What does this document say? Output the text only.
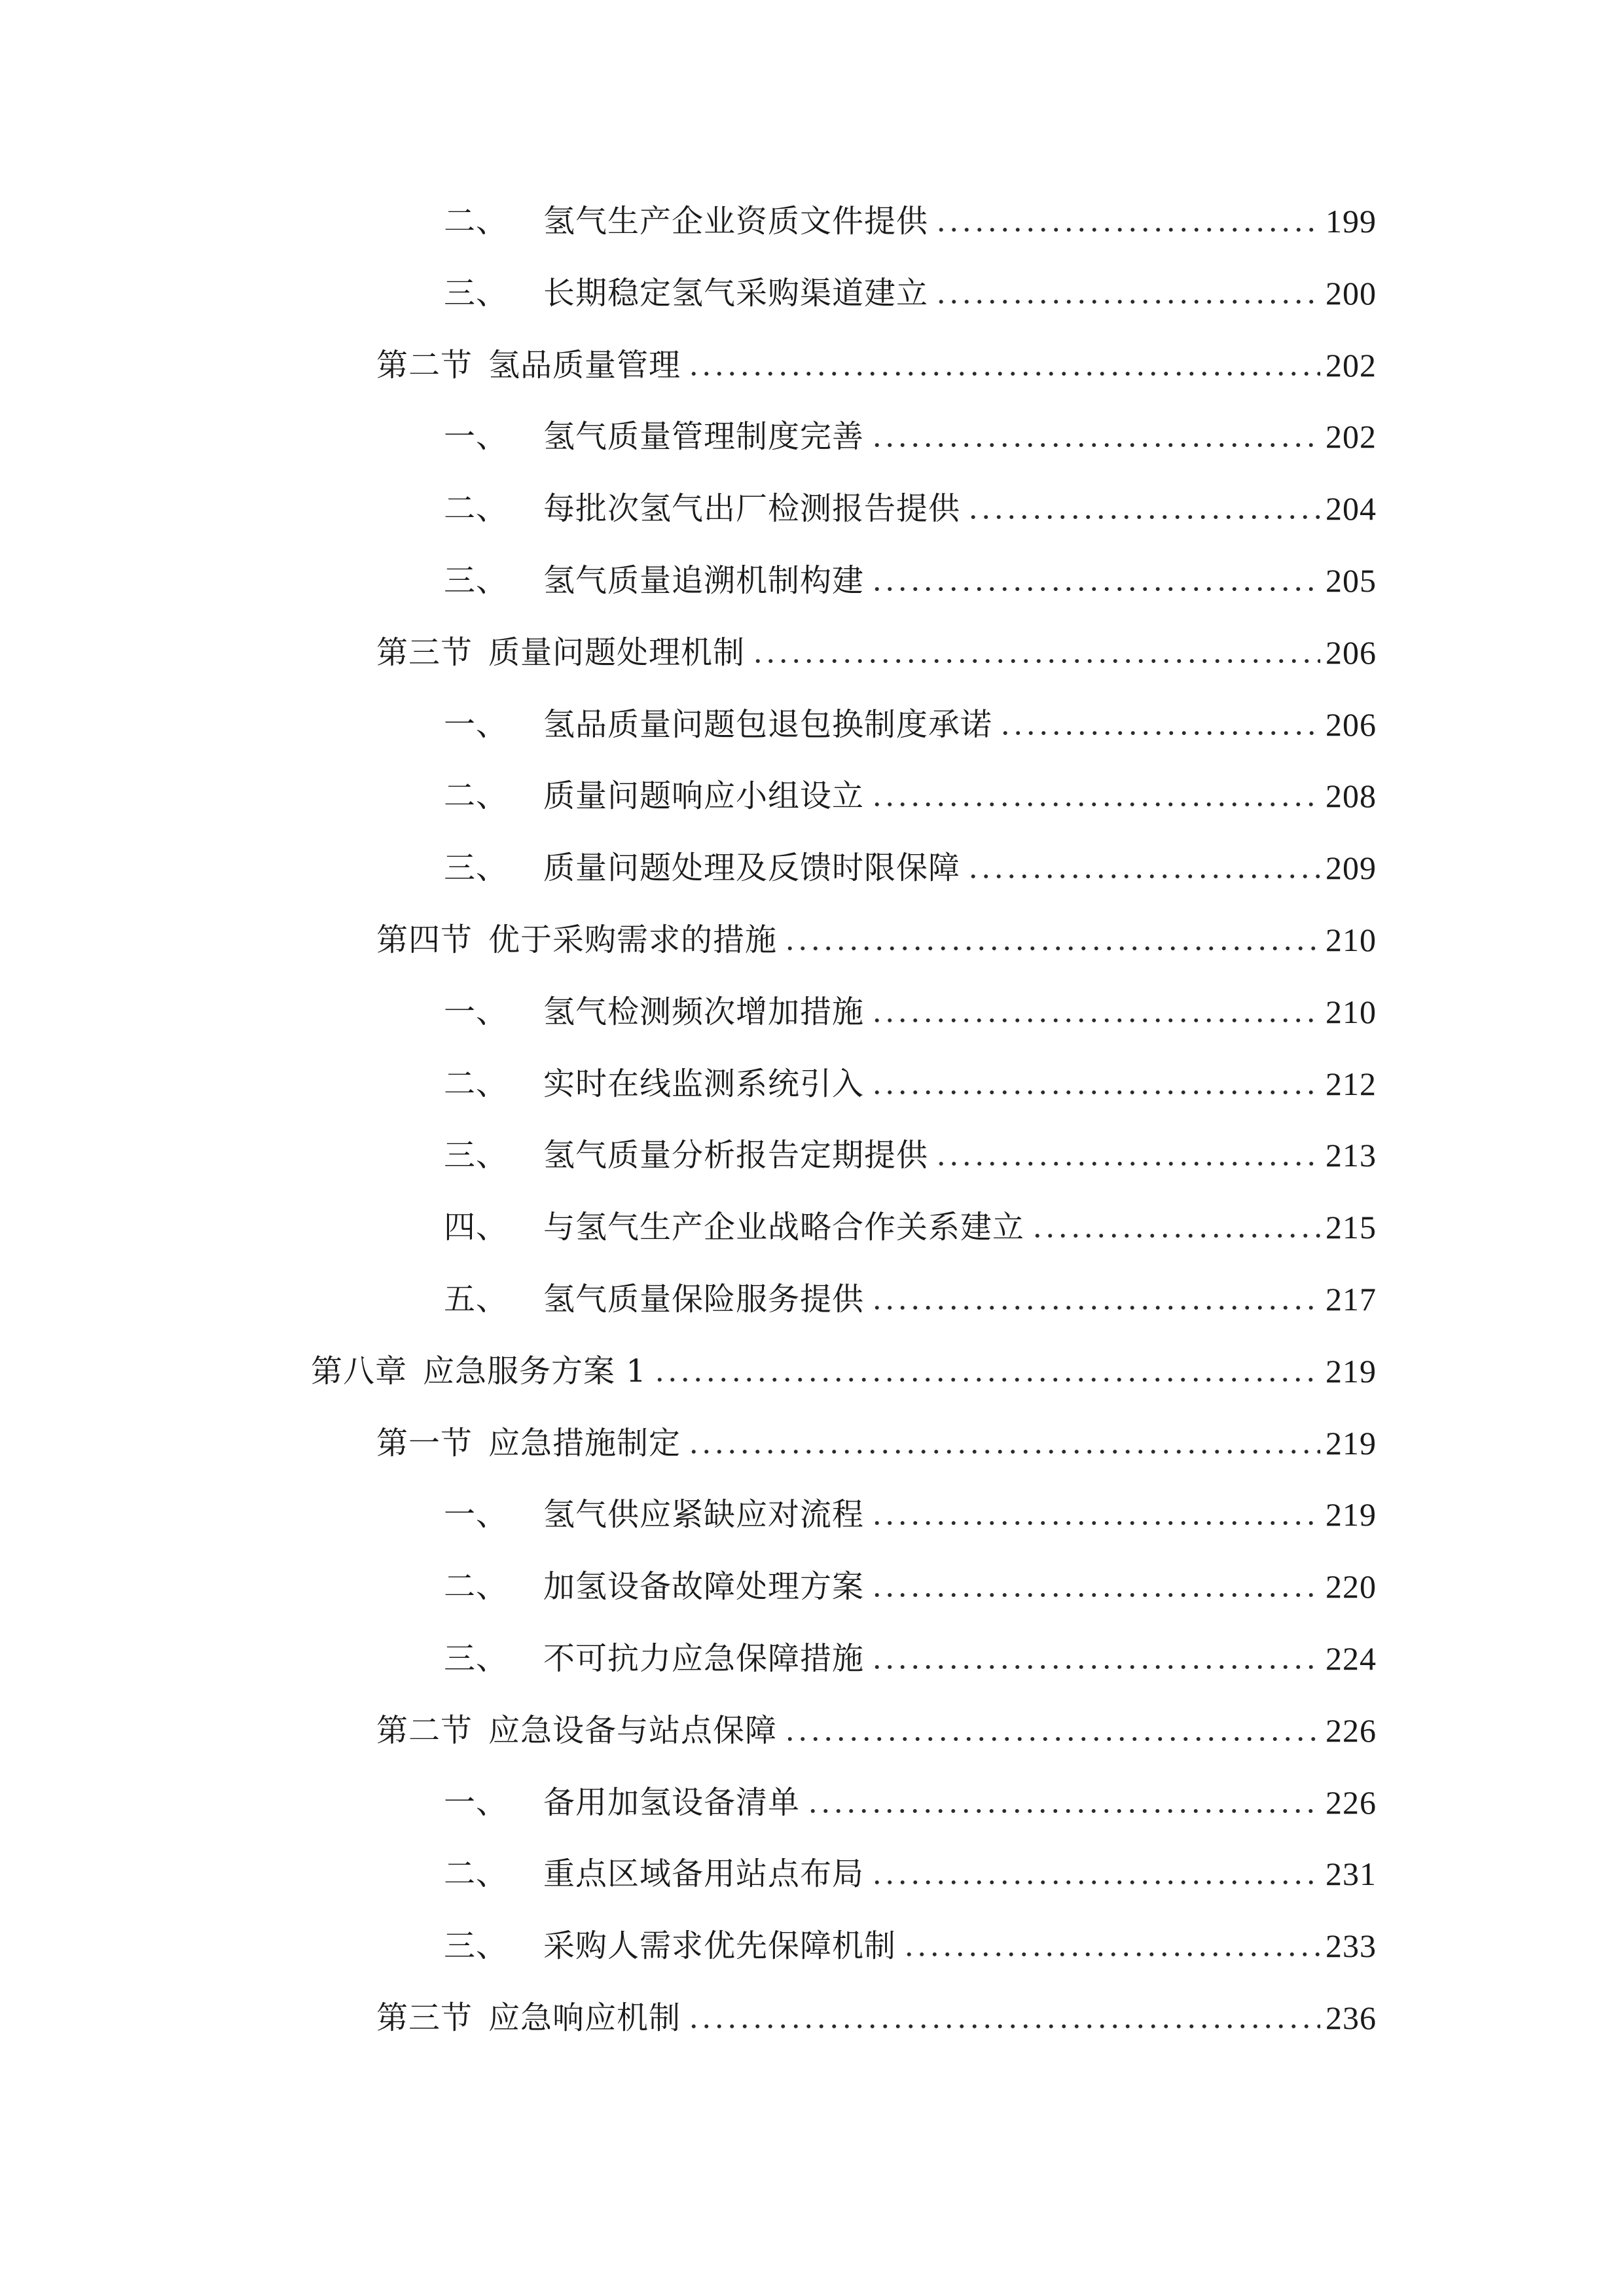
二、 氢气生产企业资质文件提供	199
三、 长期稳定氢气采购渠道建立	200
第二节 氢品质量管理	202
一、 氢气质量管理制度完善	202
二、 每批次氢气出厂检测报告提供	204
三、 氢气质量追溯机制构建	205
第三节 质量问题处理机制	206
一、 氢品质量问题包退包换制度承诺	206
二、 质量问题响应小组设立	208
三、 质量问题处理及反馈时限保障	209
第四节 优于采购需求的措施	210
一、 氢气检测频次增加措施	210
二、 实时在线监测系统引入	212
三、 氢气质量分析报告定期提供	213
四、 与氢气生产企业战略合作关系建立	215
五、 氢气质量保险服务提供	217
第八章 应急服务方案 1	219
第一节 应急措施制定	219
一、 氢气供应紧缺应对流程	219
二、 加氢设备故障处理方案	220
三、 不可抗力应急保障措施	224
第二节 应急设备与站点保障	226
一、 备用加氢设备清单	226
二、 重点区域备用站点布局	231
三、 采购人需求优先保障机制	233
第三节 应急响应机制	236
